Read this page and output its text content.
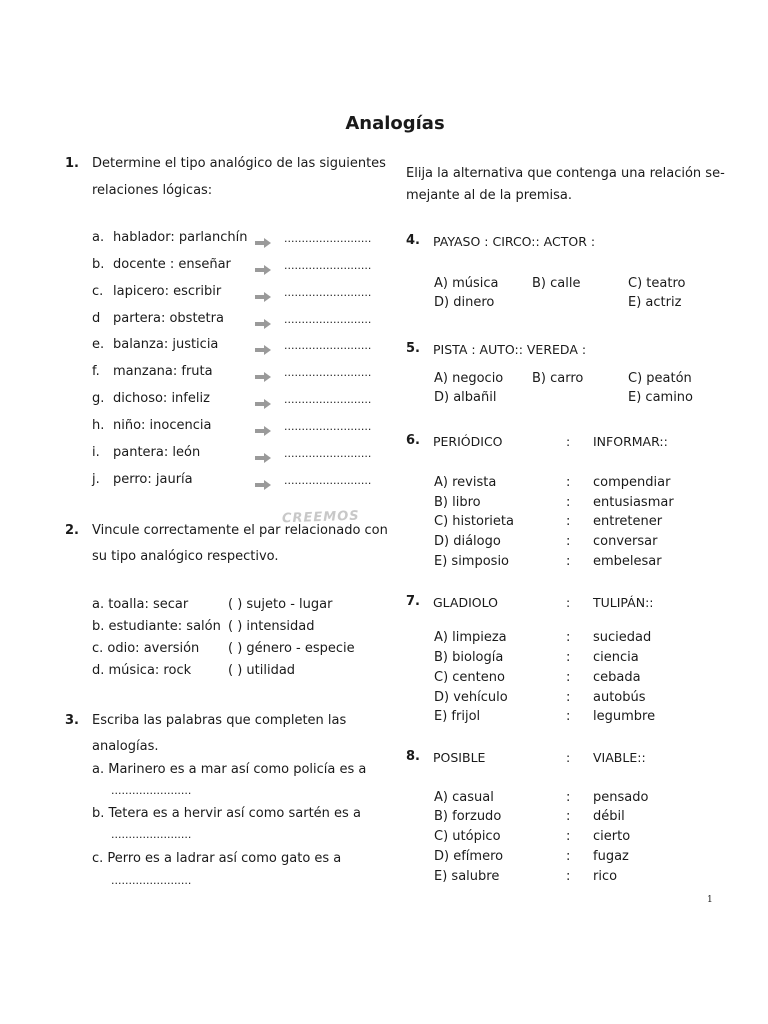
Analogías
1. Determine el tipo analógico de las siguientes
relaciones lógicas:
a. hablador: parlanchín	.........................
b. docente : enseñar	.........................
c. lapicero: escribir	.........................
d partera: obstetra	.........................
e. balanza: justicia	.........................
f. manzana: fruta	.........................
g. dichoso: infeliz	.........................
h. niño: inocencia	.........................
i. pantera: león	.........................
j. perro: jauría	.........................
2. Vincule correctamente el par relacionado con
su tipo analógico respectivo.
a. toalla: secar	( ) sujeto - lugar
b. estudiante: salón ( ) intensidad
c. odio: aversión ( ) género - especie
d. música: rock	( ) utilidad
3. Escriba las palabras que completen las
analogías.
a. Marinero es a mar así como policía es a
.......................
b. Tetera es a hervir así como sartén es a
.......................
c. Perro es a ladrar así como gato es a
.......................
Elija la alternativa que contenga una relación se-
mejante al de la premisa.
4. PAYASO : CIRCO:: ACTOR :
A) música	B) calle	C) teatro
D) dinero	E) actriz
5. PISTA : AUTO:: VEREDA :
A) negocio B) carro	C) peatón
D) albañil	E) camino
6. PERIÓDICO	: INFORMAR::
A) revista	: compendiar
B) libro	: entusiasmar
C) historieta	: entretener
D) diálogo	: conversar
E) simposio	: embelesar
7. GLADIOLO	: TULIPÁN::
A) limpieza	: suciedad
B) biología	: ciencia
C) centeno	: cebada
D) vehículo	: autobús
E) frijol	: legumbre
8. POSIBLE	: VIABLE::
A) casual	: pensado
B) forzudo	: débil
C) utópico	: cierto
D) efímero	: fugaz
E) salubre	: rico
CREEMOS
1
